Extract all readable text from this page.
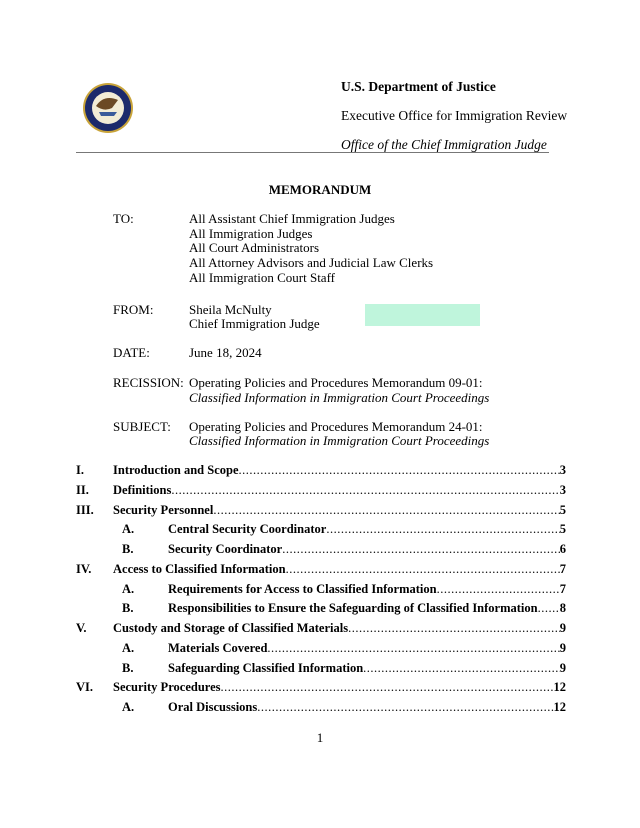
U.S. Department of Justice
Executive Office for Immigration Review
Office of the Chief Immigration Judge
MEMORANDUM
TO:	All Assistant Chief Immigration Judges
All Immigration Judges
All Court Administrators
All Attorney Advisors and Judicial Law Clerks
All Immigration Court Staff
FROM:	Sheila McNulty
Chief Immigration Judge
DATE:	June 18, 2024
RECISSION: Operating Policies and Procedures Memorandum 09-01:
Classified Information in Immigration Court Proceedings
SUBJECT: Operating Policies and Procedures Memorandum 24-01:
Classified Information in Immigration Court Proceedings
I.	Introduction and Scope .....	3
II.	Definitions .....	3
III.	Security Personnel .....	5
A.	Central Security Coordinator .....	5
B.	Security Coordinator .....	6
IV.	Access to Classified Information .....	7
A.	Requirements for Access to Classified Information .....	7
B.	Responsibilities to Ensure the Safeguarding of Classified Information ..... 8
V.	Custody and Storage of Classified Materials .....	9
A.	Materials Covered .....	9
B.	Safeguarding Classified Information .....	9
VI.	Security Procedures .....	12
A.	Oral Discussions .....	12
1
